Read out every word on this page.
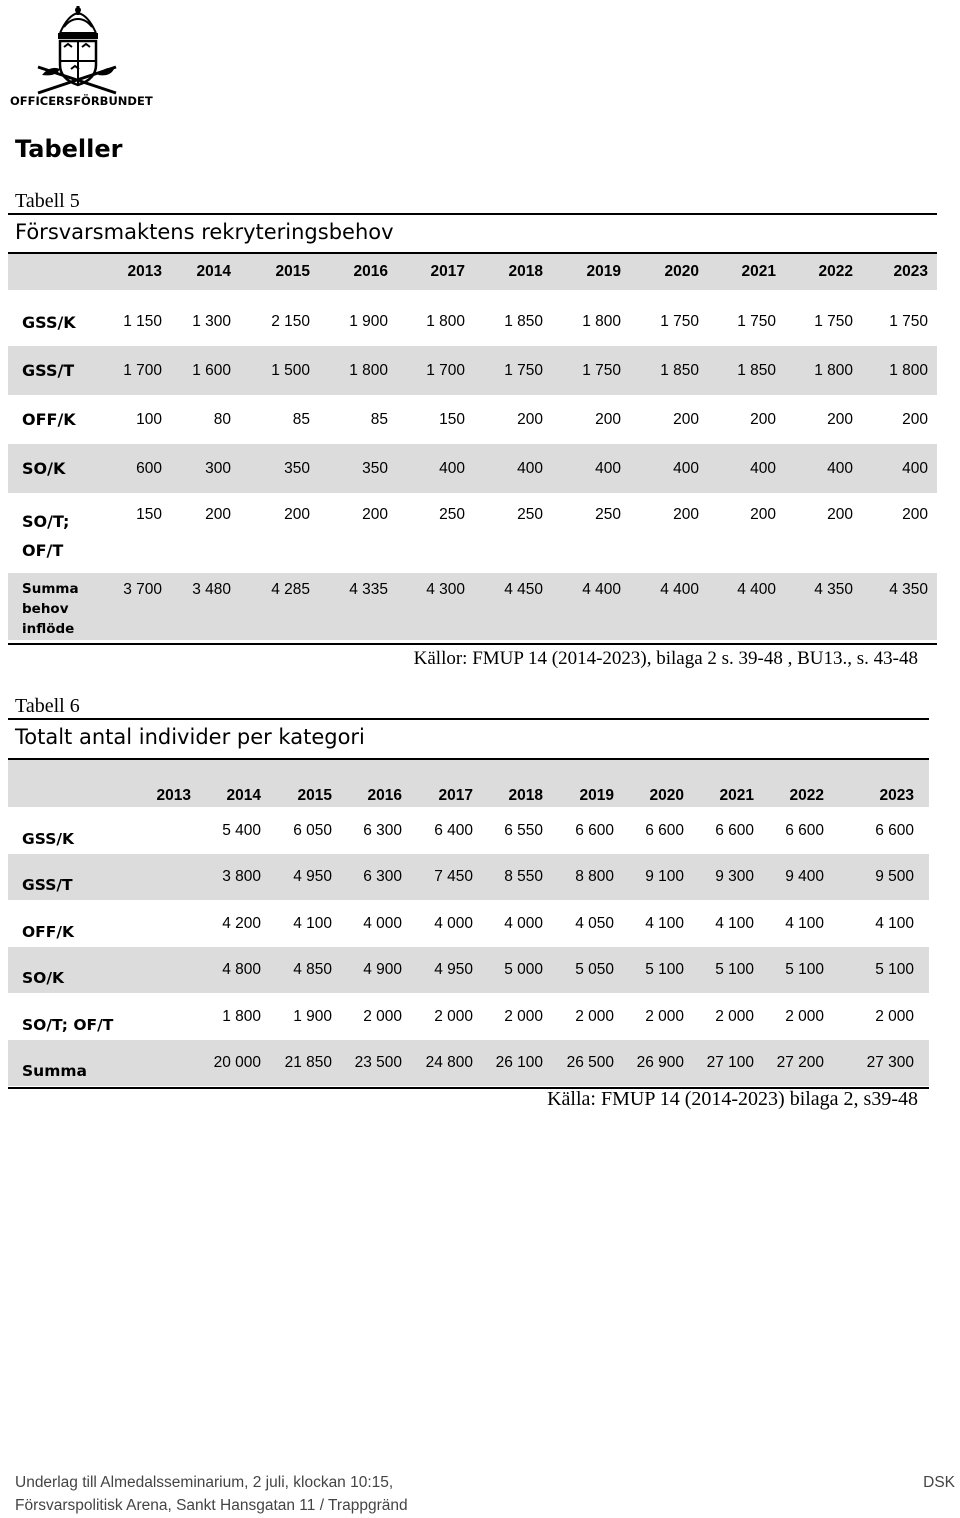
OFFICERSFÖRBUNDET
Tabeller
Tabell 5
Försvarsmaktens rekryteringsbehov
	2013	2014	2015	2016	2017	2018	2019	2020	2021	2022	2023

GSS/K	1 150	1 300	2 150	1 900	1 800	1 850	1 800	1 750	1 750	1 750	1 750
GSS/T	1 700	1 600	1 500	1 800	1 700	1 750	1 750	1 850	1 850	1 800	1 800
OFF/K	100	80	85	85	150	200	200	200	200	200	200
SO/K	600	300	350	350	400	400	400	400	400	400	400
SO/T;
OF/T	150	200	200	200	250	250	250	200	200	200	200
Summa
behov
inflöde	3 700	3 480	4 285	4 335	4 300	4 450	4 400	4 400	4 400	4 350	4 350
Källor: FMUP 14 (2014-2023), bilaga 2 s. 39-48 , BU13., s. 43-48
Tabell 6
Totalt antal individer per kategori
	2013	2014	2015	2016	2017	2018	2019	2020	2021	2022	2023
GSS/K		5 400	6 050	6 300	6 400	6 550	6 600	6 600	6 600	6 600	6 600
GSS/T		3 800	4 950	6 300	7 450	8 550	8 800	9 100	9 300	9 400	9 500
OFF/K		4 200	4 100	4 000	4 000	4 000	4 050	4 100	4 100	4 100	4 100
SO/K		4 800	4 850	4 900	4 950	5 000	5 050	5 100	5 100	5 100	5 100
SO/T; OF/T		1 800	1 900	2 000	2 000	2 000	2 000	2 000	2 000	2 000	2 000
Summa		20 000	21 850	23 500	24 800	26 100	26 500	26 900	27 100	27 200	27 300
Källa: FMUP 14 (2014-2023) bilaga 2, s39-48
Underlag till Almedalsseminarium, 2 juli, klockan 10:15,
Försvarspolitisk Arena, Sankt Hansgatan 11 / Trappgränd
DSK
